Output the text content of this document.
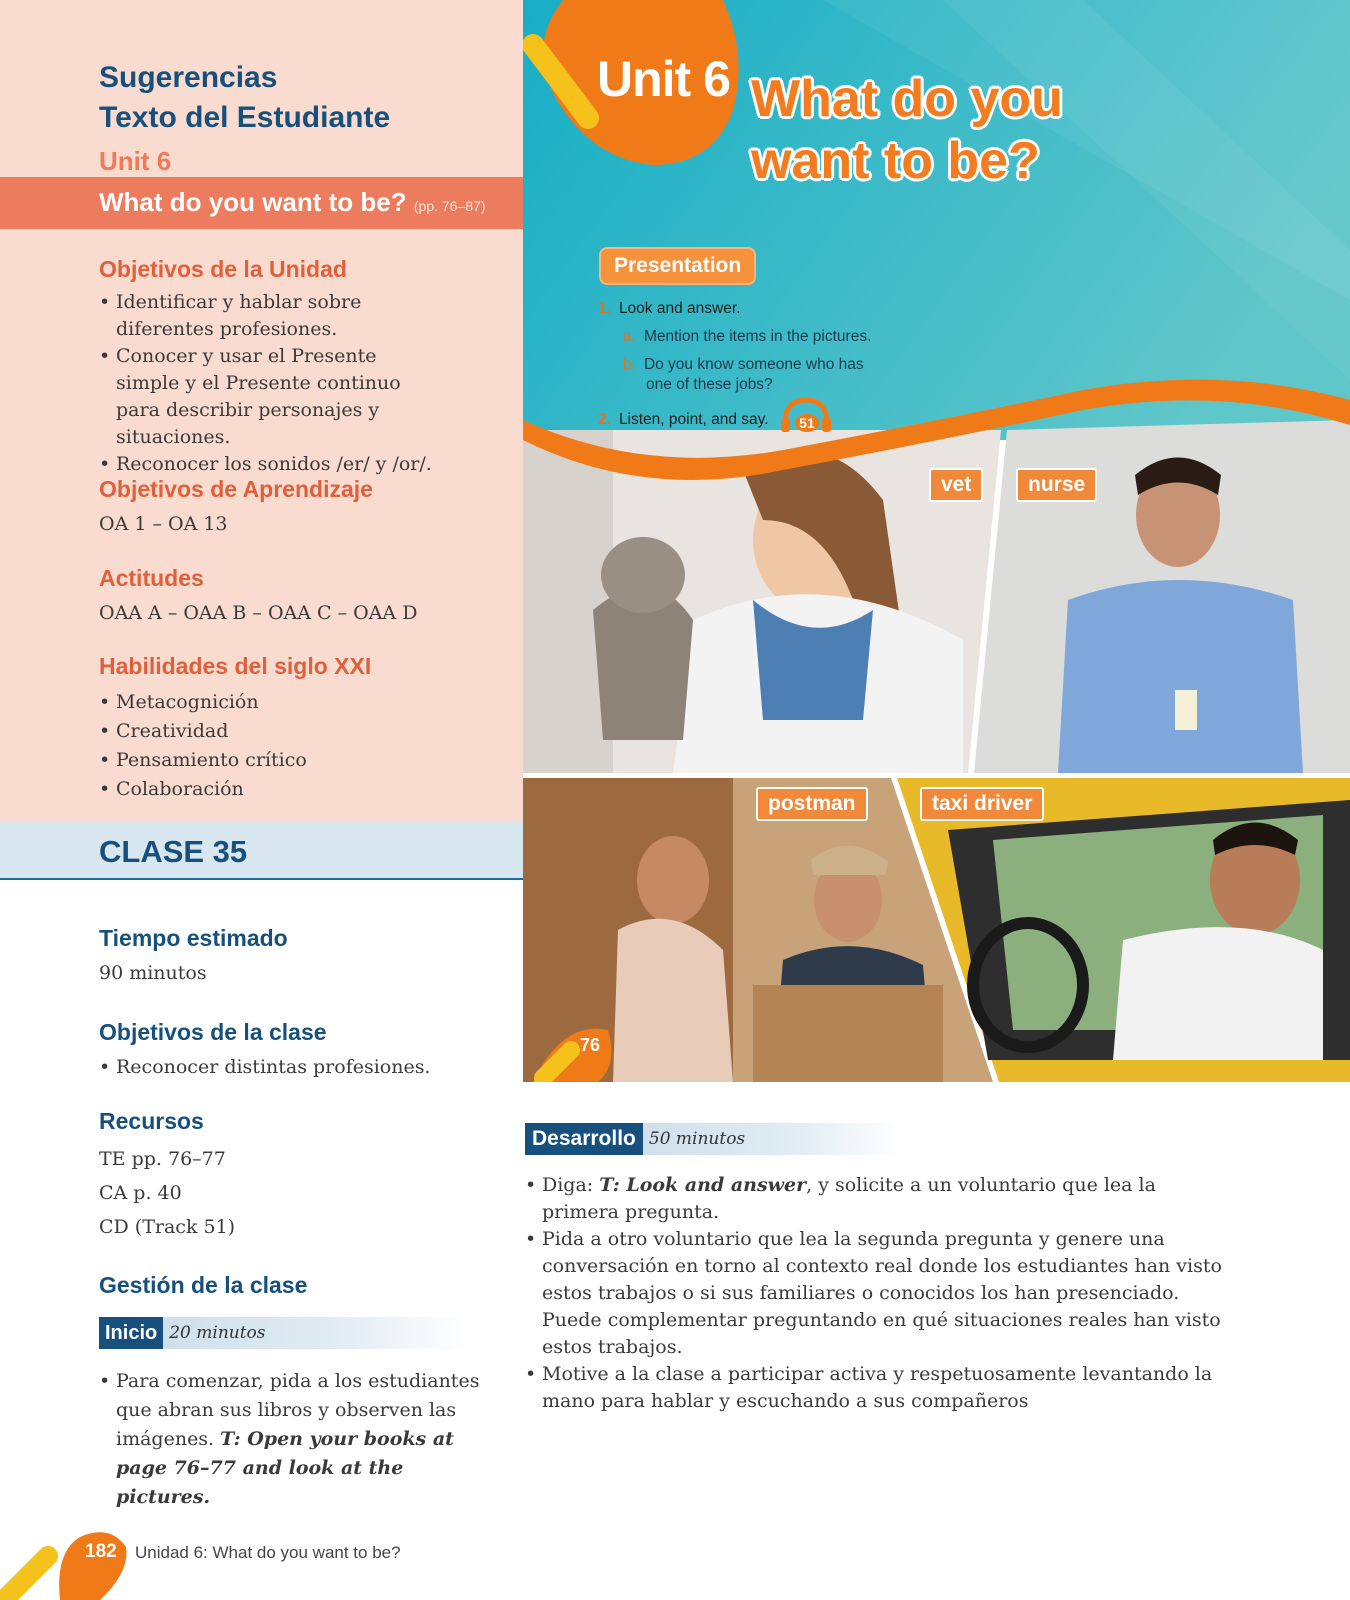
Sugerencias
Texto del Estudiante
Unit 6
What do you want to be? (pp. 76–87)
Objetivos de la Unidad
• Identificar y hablar sobre diferentes profesiones.
• Conocer y usar el Presente simple y el Presente continuo para describir personajes y situaciones.
• Reconocer los sonidos /er/ y /or/.
Objetivos de Aprendizaje
OA 1 – OA 13
Actitudes
OAA A – OAA B – OAA C – OAA D
Habilidades del siglo XXI
• Metacognición
• Creatividad
• Pensamiento crítico
• Colaboración
CLASE 35
Tiempo estimado
90 minutos
Objetivos de la clase
• Reconocer distintas profesiones.
Recursos
TE pp. 76–77
CA p. 40
CD (Track 51)
Gestión de la clase
Inicio 20 minutos
• Para comenzar, pida a los estudiantes que abran sus libros y observen las imágenes. T: Open your books at page 76–77 and look at the pictures.
Unit 6 What do you
want to be?
Presentation
1. Look and answer.
a. Mention the items in the pictures.
b. Do you know someone who has
one of these jobs?
2. Listen, point, and say.	51
vet	nurse
postman	taxi driver
76
Desarrollo 50 minutos
• Diga: T: Look and answer, y solicite a un voluntario que lea la primera pregunta.
• Pida a otro voluntario que lea la segunda pregunta y genere una conversación en torno al contexto real donde los estudiantes han visto estos trabajos o si sus familiares o conocidos los han presenciado. Puede complementar preguntando en qué situaciones reales han visto estos trabajos.
• Motive a la clase a participar activa y respetuosamente levantando la mano para hablar y escuchando a sus compañeros
182 Unidad 6: What do you want to be?
